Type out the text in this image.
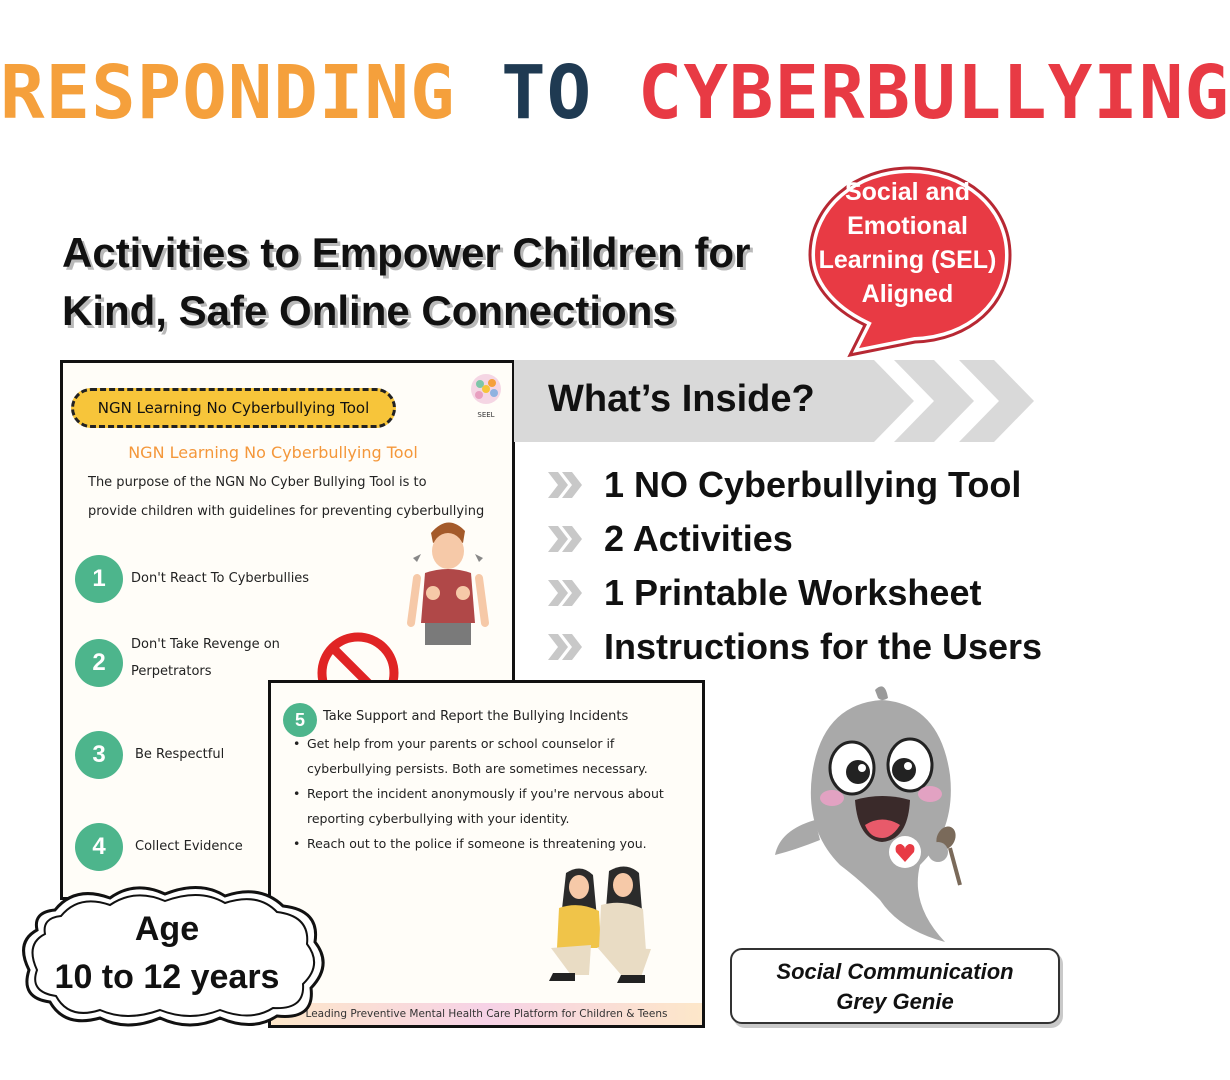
RESPONDING TO CYBERBULLYING
Activities to Empower Children for
Kind, Safe Online Connections
Social and
Emotional
Learning (SEL)
Aligned
NGN Learning No Cyberbullying Tool	SEEL
NGN Learning No Cyberbullying Tool
The purpose of the NGN No Cyber Bullying Tool is to
provide children with guidelines for preventing cyberbullying
1	Don't React To Cyberbullies
2
Don't Take Revenge on Perpetrators
3	Be Respectful
4	Collect Evidence
5	Take Support and Report the Bullying Incidents
• Get help from your parents or school counselor if cyberbullying persists. Both are sometimes necessary.
• Report the incident anonymously if you're nervous about reporting cyberbullying with your identity.
• Reach out to the police if someone is threatening you.
Leading Preventive Mental Health Care Platform for Children & Teens
What’s Inside?
1 NO Cyberbullying Tool
2 Activities
1 Printable Worksheet
Instructions for the Users
Age
10 to 12 years	Social Communication
Grey Genie
